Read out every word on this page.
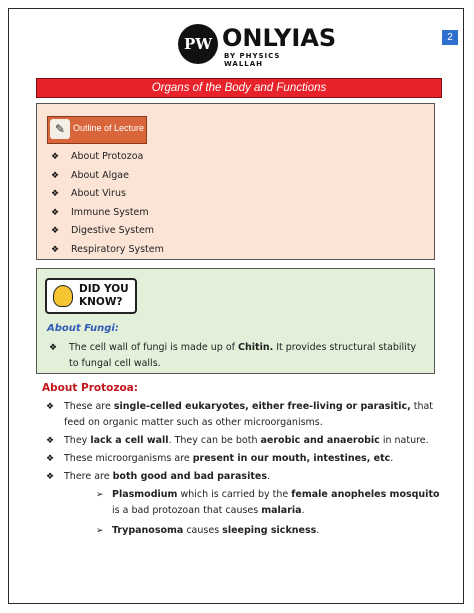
2
PW ONLYIAS
BY PHYSICS WALLAH
Organs of the Body and Functions
✎ Outline of Lecture
❖ About Protozoa
❖ About Algae
❖ About Virus
❖ Immune System
❖ Digestive System
❖ Respiratory System
DID YOU
KNOW?
About Fungi:
❖ The cell wall of fungi is made up of Chitin. It provides structural stability to fungal cell walls.
About Protozoa:
❖ These are single-celled eukaryotes, either free-living or parasitic, that feed on organic matter such as other microorganisms.
❖ They lack a cell wall. They can be both aerobic and anaerobic in nature.
❖ These microorganisms are present in our mouth, intestines, etc.
❖ There are both good and bad parasites.
➢ Plasmodium which is carried by the female anopheles mosquito is a bad protozoan that causes malaria.
➢ Trypanosoma causes sleeping sickness.
